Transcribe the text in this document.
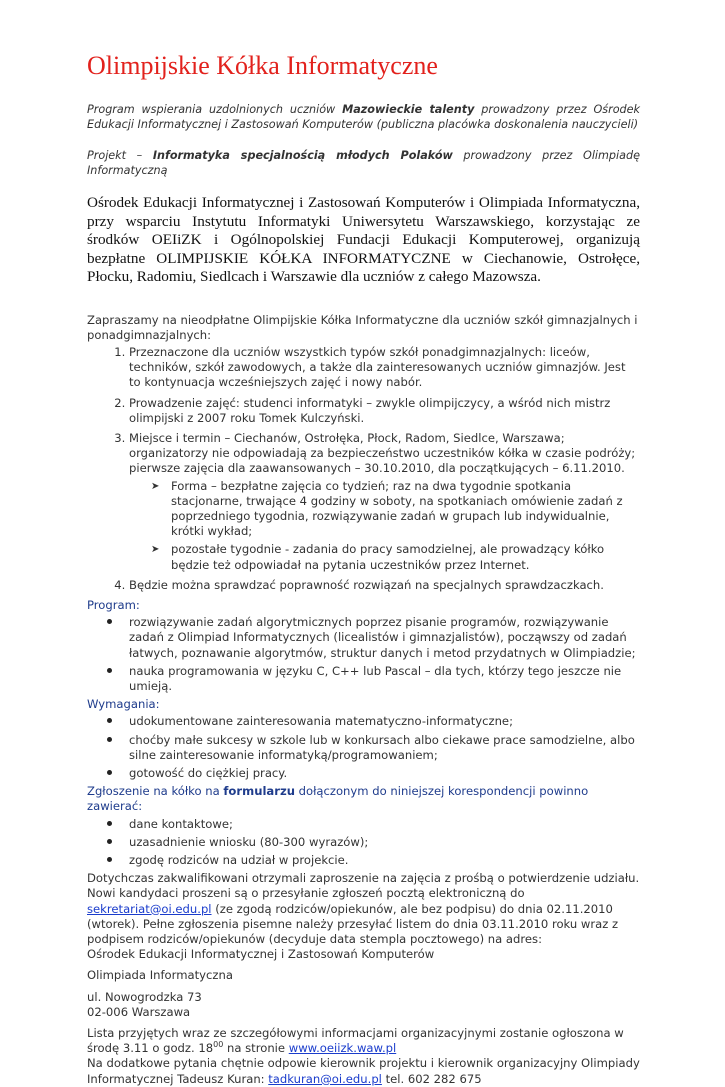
Olimpijskie Kółka Informatyczne

Program wspierania uzdolnionych uczniów Mazowieckie talenty prowadzony przez Ośrodek Edukacji Informatycznej i Zastosowań Komputerów (publiczna placówka doskonalenia nauczycieli)

Projekt – Informatyka specjalnością młodych Polaków prowadzony przez Olimpiadę Informatyczną

Ośrodek Edukacji Informatycznej i Zastosowań Komputerów i Olimpiada Informatyczna, przy wsparciu Instytutu Informatyki Uniwersytetu Warszawskiego, korzystając ze środków OEIiZK i Ogólnopolskiej Fundacji Edukacji Komputerowej, organizują bezpłatne OLIMPIJSKIE KÓŁKA INFORMATYCZNE w Ciechanowie, Ostrołęce, Płocku, Radomiu, Siedlcach i Warszawie dla uczniów z całego Mazowsza.

Zapraszamy na nieodpłatne Olimpijskie Kółka Informatyczne dla uczniów szkół gimnazjalnych i ponadgimnazjalnych:

1. Przeznaczone dla uczniów wszystkich typów szkół ponadgimnazjalnych: liceów, techników, szkół zawodowych, a także dla zainteresowanych uczniów gimnazjów. Jest to kontynuacja wcześniejszych zajęć i nowy nabór.
2. Prowadzenie zajęć: studenci informatyki – zwykle olimpijczycy, a wśród nich mistrz olimpijski z 2007 roku Tomek Kulczyński.
3. Miejsce i termin – Ciechanów, Ostrołęka, Płock, Radom, Siedlce, Warszawa; organizatorzy nie odpowiadają za bezpieczeństwo uczestników kółka w czasie podróży; pierwsze zajęcia dla zaawansowanych – 30.10.2010, dla początkujących – 6.11.2010.
➤ Forma – bezpłatne zajęcia co tydzień; raz na dwa tygodnie spotkania stacjonarne, trwające 4 godziny w soboty, na spotkaniach omówienie zadań z poprzedniego tygodnia, rozwiązywanie zadań w grupach lub indywidualnie, krótki wykład;
➤ pozostałe tygodnie - zadania do pracy samodzielnej, ale prowadzący kółko będzie też odpowiadał na pytania uczestników przez Internet.
4. Będzie można sprawdzać poprawność rozwiązań na specjalnych sprawdzaczkach.

Program:

rozwiązywanie zadań algorytmicznych poprzez pisanie programów, rozwiązywanie zadań z Olimpiad Informatycznych (licealistów i gimnazjalistów), począwszy od zadań łatwych, poznawanie algorytmów, struktur danych i metod przydatnych w Olimpiadzie;
nauka programowania w języku C, C++ lub Pascal – dla tych, którzy tego jeszcze nie umieją.

Wymagania:

udokumentowane zainteresowania matematyczno-informatyczne;
choćby małe sukcesy w szkole lub w konkursach albo ciekawe prace samodzielne, albo silne zainteresowanie informatyką/programowaniem;
gotowość do ciężkiej pracy.

Zgłoszenie na kółko na formularzu dołączonym do niniejszej korespondencji powinno zawierać:

dane kontaktowe;
uzasadnienie wniosku (80-300 wyrazów);
zgodę rodziców na udział w projekcie.

Dotychczas zakwalifikowani otrzymali zaproszenie na zajęcia z prośbą o potwierdzenie udziału.

Nowi kandydaci proszeni są o przesyłanie zgłoszeń pocztą elektroniczną do sekretariat@oi.edu.pl (ze zgodą rodziców/opiekunów, ale bez podpisu) do dnia 02.11.2010 (wtorek). Pełne zgłoszenia pisemne należy przesyłać listem do dnia 03.11.2010 roku wraz z podpisem rodziców/opiekunów (decyduje data stempla pocztowego) na adres:

Ośrodek Edukacji Informatycznej i Zastosowań Komputerów

Olimpiada Informatyczna

ul. Nowogrodzka 73

02-006 Warszawa

Lista przyjętych wraz ze szczegółowymi informacjami organizacyjnymi zostanie ogłoszona w środę 3.11 o godz. $18^{00}$ na stronie www.oeiizk.waw.pl

Na dodatkowe pytania chętnie odpowie kierownik projektu i kierownik organizacyjny Olimpiady Informatycznej Tadeusz Kuran: tadkuran@oi.edu.pl tel. 602 282 675
